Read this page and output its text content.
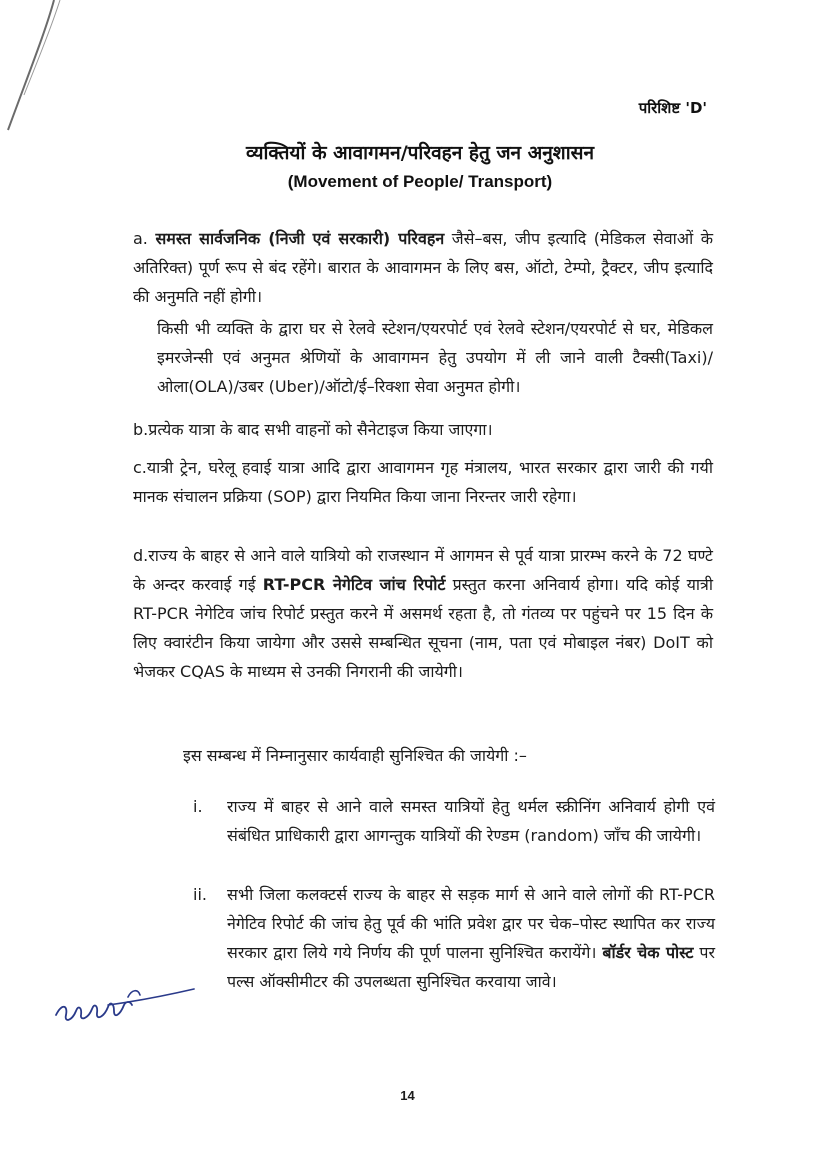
परिशिष्ट 'D'
व्यक्तियों के आवागमन/परिवहन हेतु जन अनुशासन
(Movement of People/ Transport)
a. समस्त सार्वजनिक (निजी एवं सरकारी) परिवहन जैसे–बस, जीप इत्यादि (मेडिकल सेवाओं के अतिरिक्त) पूर्ण रूप से बंद रहेंगे। बारात के आवागमन के लिए बस, ऑटो, टेम्पो, ट्रैक्टर, जीप इत्यादि की अनुमति नहीं होगी।
किसी भी व्यक्ति के द्वारा घर से रेलवे स्टेशन/एयरपोर्ट एवं रेलवे स्टेशन/एयरपोर्ट से घर, मेडिकल इमरजेन्सी एवं अनुमत श्रेणियों के आवागमन हेतु उपयोग में ली जाने वाली टैक्सी(Taxi)/ओला(OLA)/उबर (Uber)/ऑटो/ई–रिक्शा सेवा अनुमत होगी।
b.प्रत्येक यात्रा के बाद सभी वाहनों को सैनेटाइज किया जाएगा।
c.यात्री ट्रेन, घरेलू हवाई यात्रा आदि द्वारा आवागमन गृह मंत्रालय, भारत सरकार द्वारा जारी की गयी मानक संचालन प्रक्रिया (SOP) द्वारा नियमित किया जाना निरन्तर जारी रहेगा।
d.राज्य के बाहर से आने वाले यात्रियो को राजस्थान में आगमन से पूर्व यात्रा प्रारम्भ करने के 72 घण्टे के अन्दर करवाई गई RT-PCR नेगेटिव जांच रिपोर्ट प्रस्तुत करना अनिवार्य होगा। यदि कोई यात्री RT-PCR नेगेटिव जांच रिपोर्ट प्रस्तुत करने में असमर्थ रहता है, तो गंतव्य पर पहुंचने पर 15 दिन के लिए क्वारंटीन किया जायेगा और उससे सम्बन्धित सूचना (नाम, पता एवं मोबाइल नंबर) DoIT को भेजकर CQAS के माध्यम से उनकी निगरानी की जायेगी।
इस सम्बन्ध में निम्नानुसार कार्यवाही सुनिश्चित की जायेगी :–
i.	राज्य में बाहर से आने वाले समस्त यात्रियों हेतु थर्मल स्क्रीनिंग अनिवार्य होगी एवं संबंधित प्राधिकारी द्वारा आगन्तुक यात्रियों की रेण्डम (random) जाँच की जायेगी।
ii.	सभी जिला कलक्टर्स राज्य के बाहर से सड़क मार्ग से आने वाले लोगों की RT-PCR नेगेटिव रिपोर्ट की जांच हेतु पूर्व की भांति प्रवेश द्वार पर चेक–पोस्ट स्थापित कर राज्य सरकार द्वारा लिये गये निर्णय की पूर्ण पालना सुनिश्चित करायेंगे। बॉर्डर चेक पोस्ट पर पल्स ऑक्सीमीटर की उपलब्धता सुनिश्चित करवाया जावे।
14
